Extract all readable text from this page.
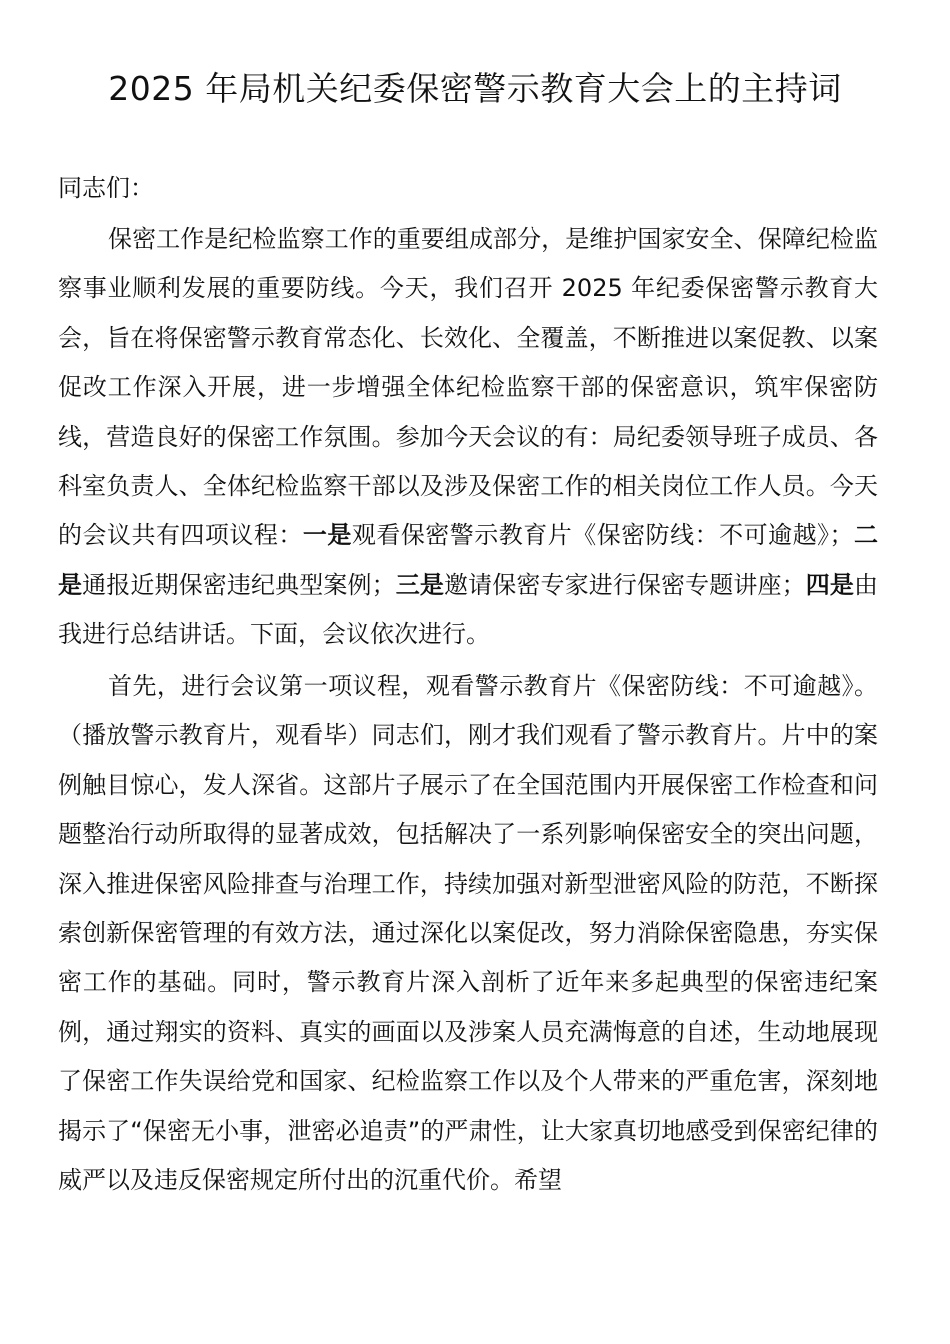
2025 年局机关纪委保密警示教育大会上的主持词

同志们：

保密工作是纪检监察工作的重要组成部分，是维护国家安全、保障纪检监察事业顺利发展的重要防线。今天，我们召开 2025 年纪委保密警示教育大会，旨在将保密警示教育常态化、长效化、全覆盖，不断推进以案促教、以案促改工作深入开展，进一步增强全体纪检监察干部的保密意识，筑牢保密防线，营造良好的保密工作氛围。参加今天会议的有：局纪委领导班子成员、各科室负责人、全体纪检监察干部以及涉及保密工作的相关岗位工作人员。今天的会议共有四项议程：一是观看保密警示教育片《保密防线：不可逾越》；二是通报近期保密违纪典型案例；三是邀请保密专家进行保密专题讲座；四是由我进行总结讲话。下面，会议依次进行。

首先，进行会议第一项议程，观看警示教育片《保密防线：不可逾越》。（播放警示教育片，观看毕）同志们，刚才我们观看了警示教育片。片中的案例触目惊心，发人深省。这部片子展示了在全国范围内开展保密工作检查和问题整治行动所取得的显著成效，包括解决了一系列影响保密安全的突出问题，深入推进保密风险排查与治理工作，持续加强对新型泄密风险的防范，不断探索创新保密管理的有效方法，通过深化以案促改，努力消除保密隐患，夯实保密工作的基础。同时，警示教育片深入剖析了近年来多起典型的保密违纪案例，通过翔实的资料、真实的画面以及涉案人员充满悔意的自述，生动地展现了保密工作失误给党和国家、纪检监察工作以及个人带来的严重危害，深刻地揭示了“保密无小事，泄密必追责”的严肃性，让大家真切地感受到保密纪律的威严以及违反保密规定所付出的沉重代价。希望
